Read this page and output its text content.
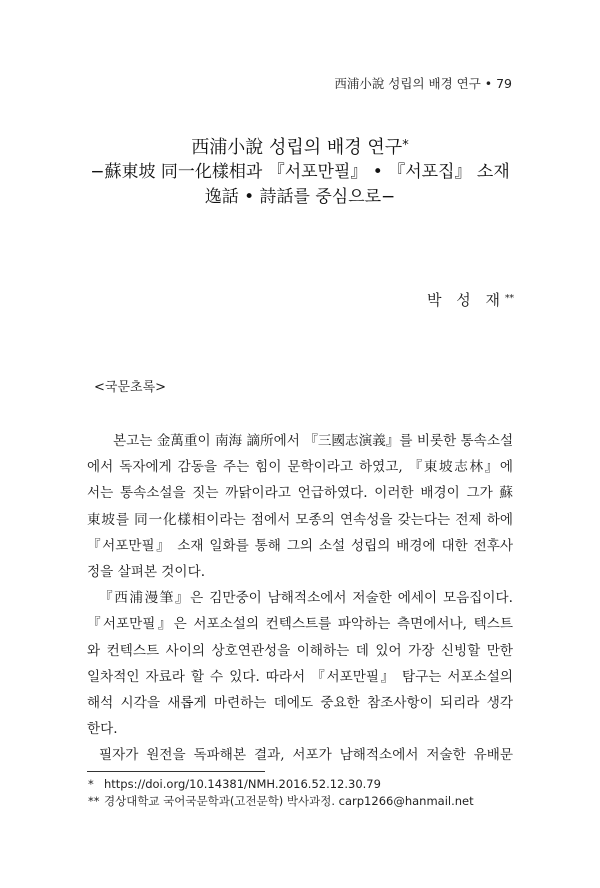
西浦小說 성립의 배경 연구 • 79
西浦小說 성립의 배경 연구*
−蘇東坡 同一化樣相과 『서포만필』 • 『서포집』 소재
逸話 • 詩話를 중심으로−
박 성 재**
<국문초록>
본고는 金萬重이 南海 謫所에서 『三國志演義』를 비롯한 통속소설
에서 독자에게 감동을 주는 힘이 문학이라고 하였고, 『東坡志林』에
서는 통속소설을 짓는 까닭이라고 언급하였다. 이러한 배경이 그가 蘇
東坡를 同一化樣相이라는 점에서 모종의 연속성을 갖는다는 전제 하에
『서포만필』 소재 일화를 통해 그의 소설 성립의 배경에 대한 전후사
정을 살펴본 것이다.
『西浦漫筆』은 김만중이 남해적소에서 저술한 에세이 모음집이다.
『서포만필』은 서포소설의 컨텍스트를 파악하는 측면에서나, 텍스트
와 컨텍스트 사이의 상호연관성을 이해하는 데 있어 가장 신빙할 만한
일차적인 자료라 할 수 있다. 따라서 『서포만필』 탐구는 서포소설의
해석 시각을 새롭게 마련하는 데에도 중요한 참조사항이 되리라 생각
한다.
필자가 원전을 독파해본 결과, 서포가 남해적소에서 저술한 유배문
* https://doi.org/10.14381/NMH.2016.52.12.30.79
** 경상대학교 국어국문학과(고전문학) 박사과정. carp1266@hanmail.net
